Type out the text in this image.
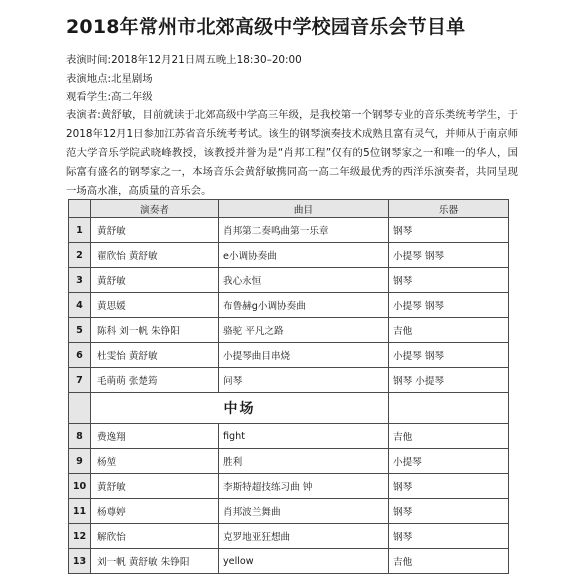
2018年常州市北郊高级中学校园音乐会节目单
表演时间:2018年12月21日周五晚上18:30–20:00
表演地点:北星剧场
观看学生:高二年级
表演者:黄舒敏，目前就读于北郊高级中学高三年级，是我校第一个钢琴专业的音乐类统考学生，于2018年12月1日参加江苏省音乐统考考试。该生的钢琴演奏技术成熟且富有灵气，并师从于南京师范大学音乐学院武晓峰教授，该教授并誉为是“肖邦工程”仅有的5位钢琴家之一和唯一的华人，国际富有盛名的钢琴家之一，本场音乐会黄舒敏携同高一高二年级最优秀的西洋乐演奏者，共同呈现一场高水准，高质量的音乐会。
	演奏者	曲目	乐器
1	黄舒敏	肖邦第二奏鸣曲第一乐章	钢琴
2	翟欣怡 黄舒敏	e小调协奏曲	小提琴 钢琴
3	黄舒敏	我心永恒	钢琴
4	黄思媛	布鲁赫g小调协奏曲	小提琴 钢琴
5	陈科 刘一帆 朱铮阳	骆驼 平凡之路	吉他
6	杜雯怡 黄舒敏	小提琴曲目串烧	小提琴 钢琴
7	毛萌萌 张楚筠	问琴	钢琴 小提琴
	中场		
8	费逸翔	fight	吉他
9	杨堃	胜利	小提琴
10	黄舒敏	李斯特超技练习曲 钟	钢琴
11	杨尊婷	肖邦波兰舞曲	钢琴
12	解欣怡	克罗地亚狂想曲	钢琴
13	刘一帆 黄舒敏 朱铮阳	yellow	吉他
